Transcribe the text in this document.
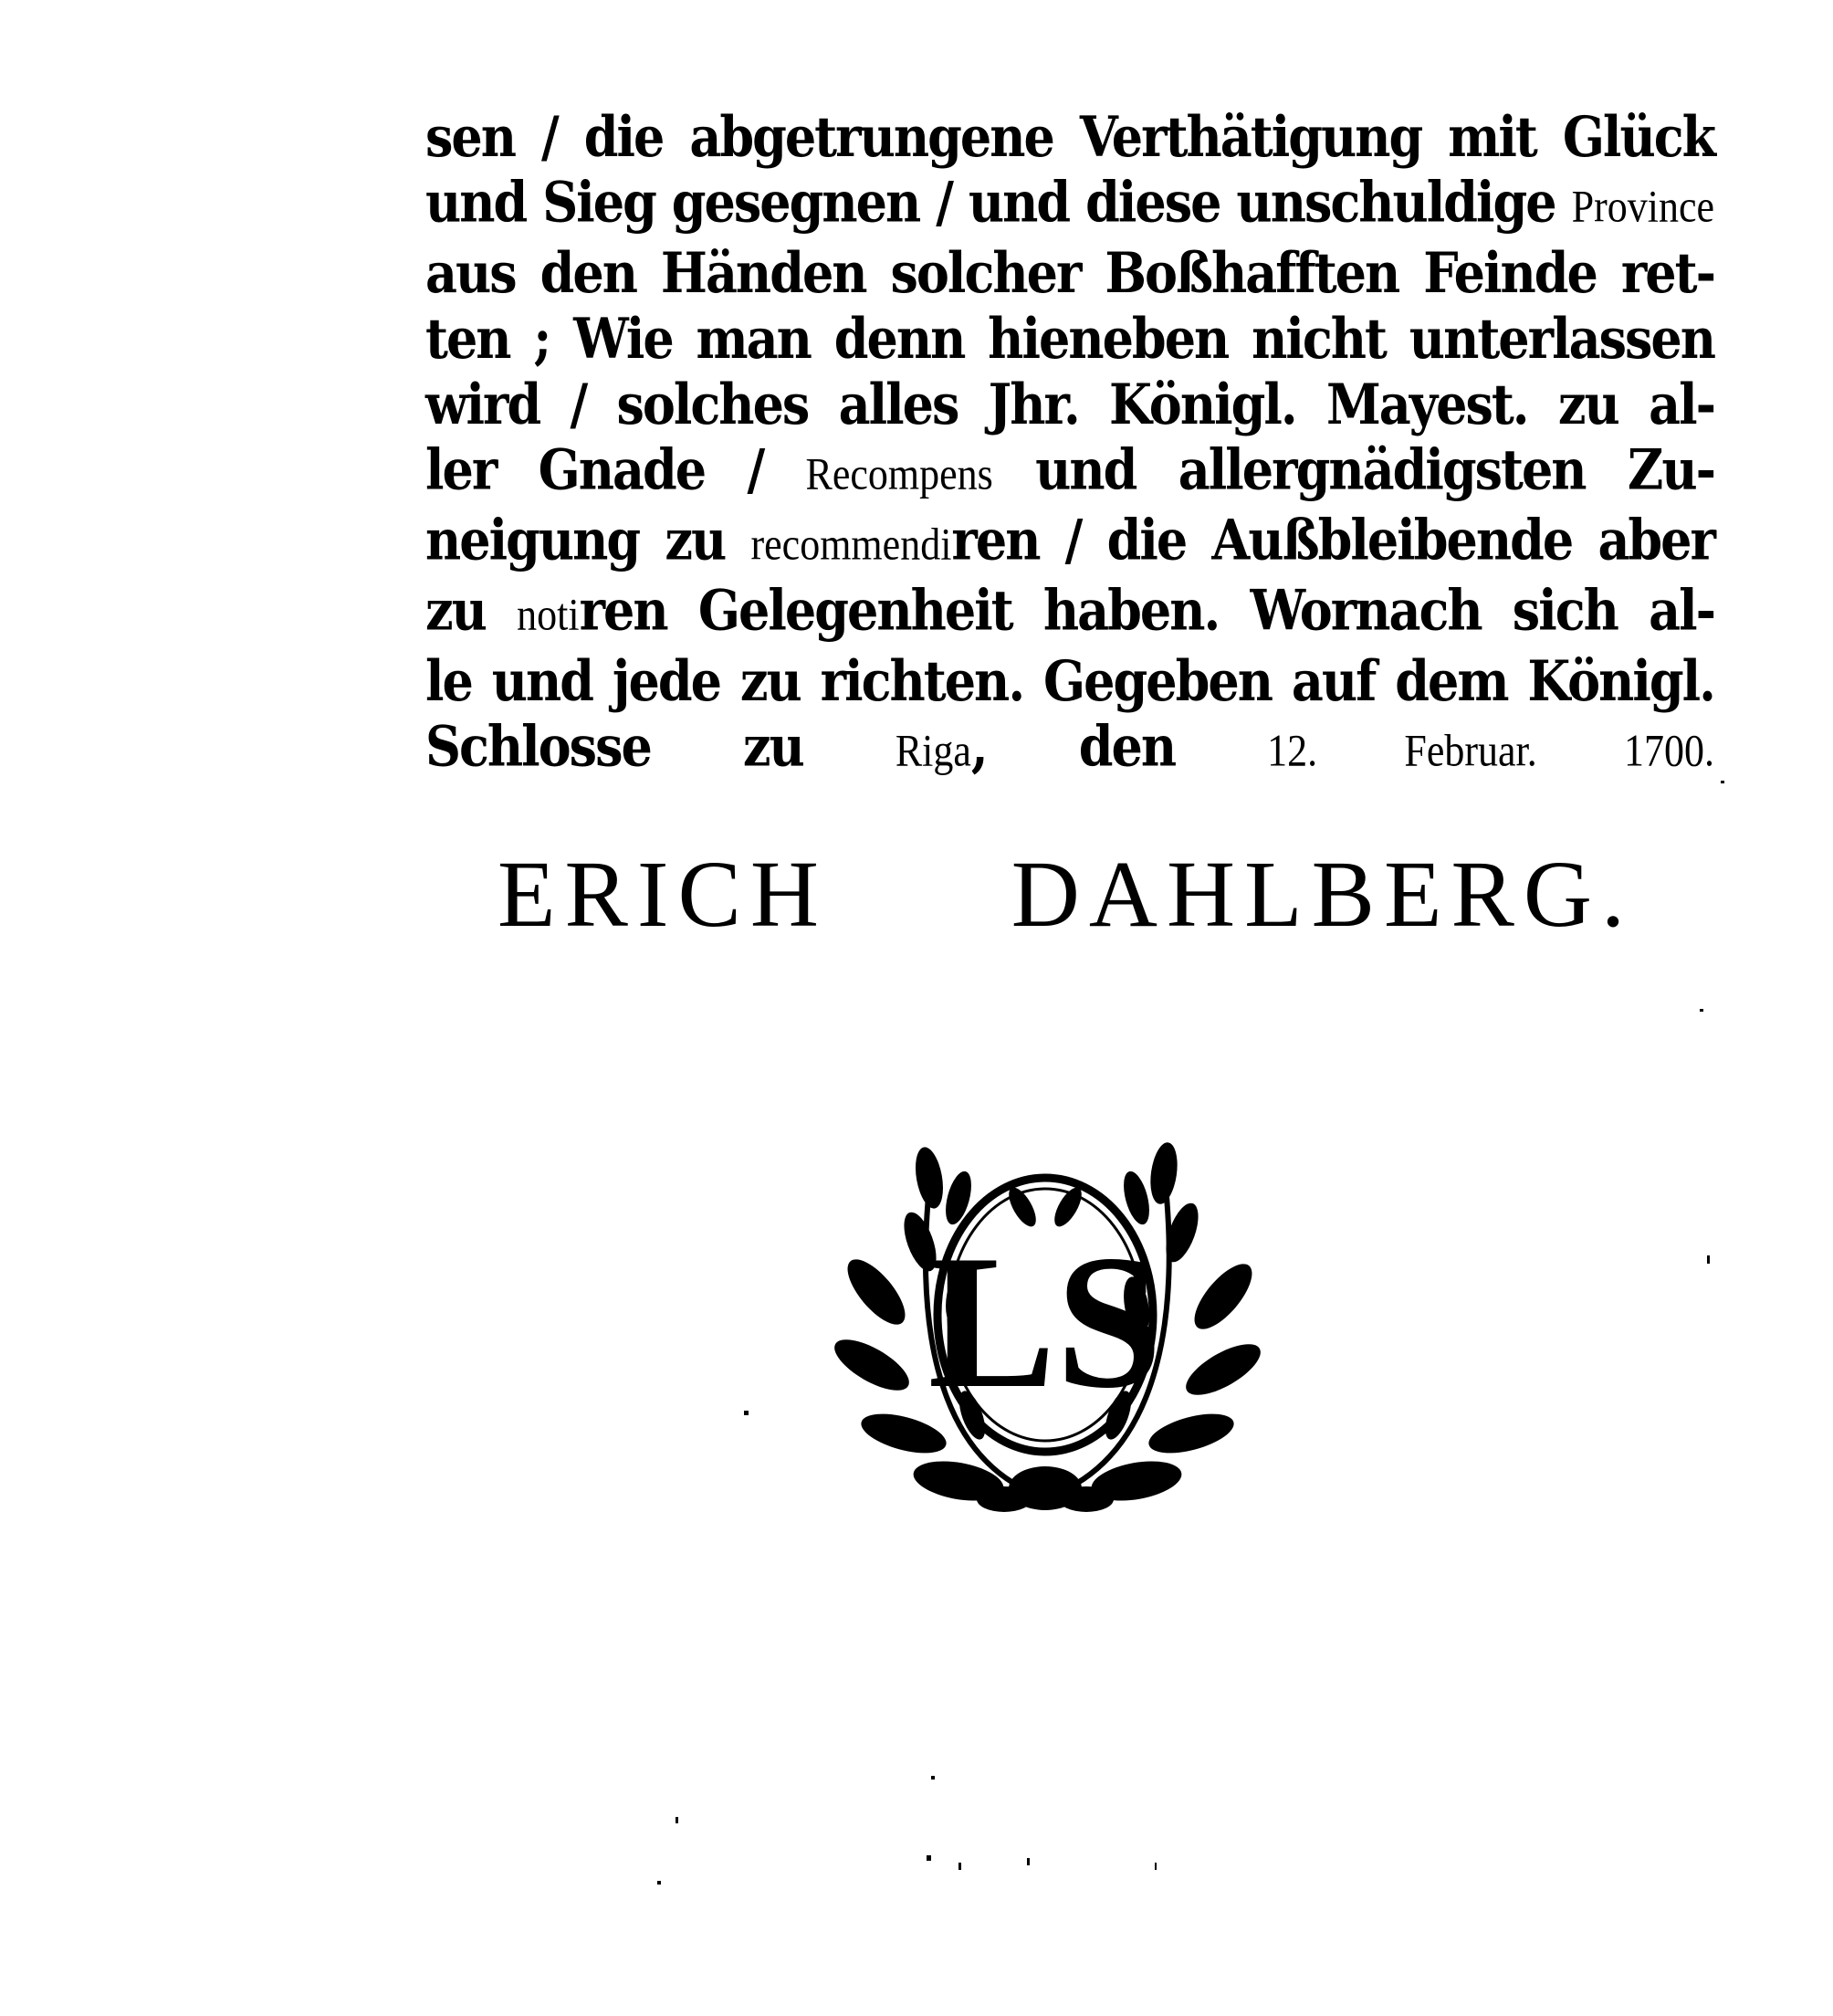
sen / die abgetrungene Verthätigung mit Glück
und Sieg gesegnen / und diese unschuldige Province
aus den Händen solcher Boßhafften Feinde ret-
ten ; Wie man denn hieneben nicht unterlassen
wird / solches alles Jhr. Königl. Mayest. zu al-
ler Gnade / Recompens und allergnädigsten Zu-
neigung zu recommendiren / die Außbleibende aber
zu notiren Gelegenheit haben. Wornach sich al-
le und jede zu richten. Gegeben auf dem Königl.
Schlosse zu Riga, den 12. Februar. 1700.
ERICH DAHLBERG.
LS
